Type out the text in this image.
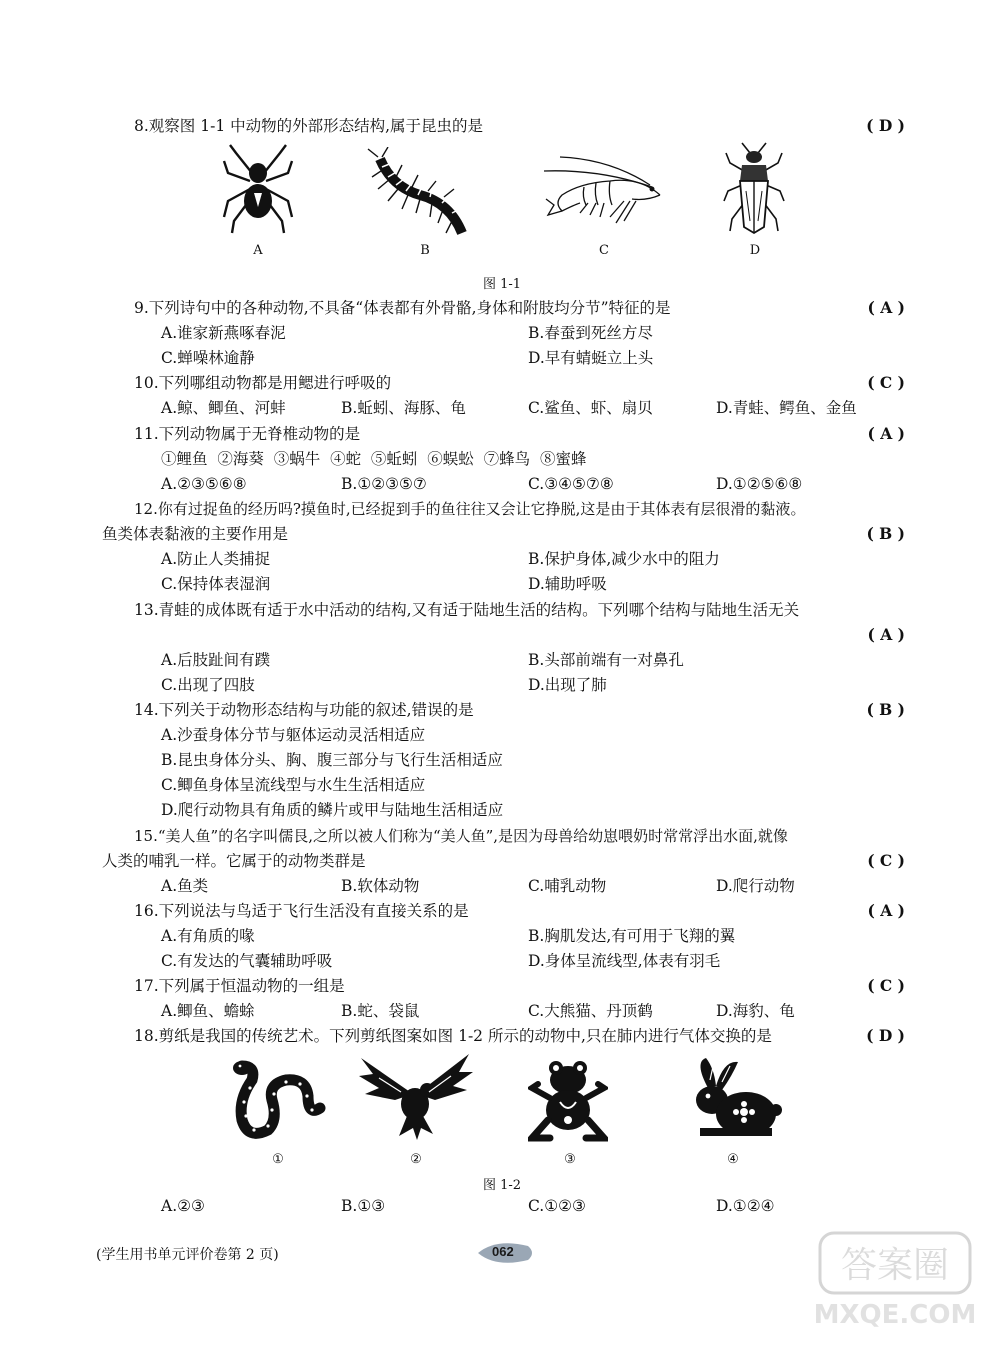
8.观察图 1-1 中动物的外部形态结构,属于昆虫的是	( D )
A	B	C	D
图 1-1
9.下列诗句中的各种动物,不具备“体表都有外骨骼,身体和附肢均分节”特征的是	( A )
A.谁家新燕啄春泥	B.春蚕到死丝方尽
C.蝉噪林逾静	D.早有蜻蜓立上头
10.下列哪组动物都是用鳃进行呼吸的	( C )
A.鲸、鲫鱼、河蚌	B.蚯蚓、海豚、龟	C.鲨鱼、虾、扇贝	D.青蛙、鳄鱼、金鱼
11.下列动物属于无脊椎动物的是	( A )
①鲤鱼  ②海葵  ③蜗牛  ④蛇  ⑤蚯蚓  ⑥蜈蚣  ⑦蜂鸟  ⑧蜜蜂
A.②③⑤⑥⑧	B.①②③⑤⑦	C.③④⑤⑦⑧	D.①②⑤⑥⑧
12.你有过捉鱼的经历吗?摸鱼时,已经捉到手的鱼往往又会让它挣脱,这是由于其体表有层很滑的黏液。
鱼类体表黏液的主要作用是	( B )
A.防止人类捕捉	B.保护身体,减少水中的阻力
C.保持体表湿润	D.辅助呼吸
13.青蛙的成体既有适于水中活动的结构,又有适于陆地生活的结构。下列哪个结构与陆地生活无关
( A )
A.后肢趾间有蹼	B.头部前端有一对鼻孔
C.出现了四肢	D.出现了肺
14.下列关于动物形态结构与功能的叙述,错误的是	( B )
A.沙蚕身体分节与躯体运动灵活相适应
B.昆虫身体分头、胸、腹三部分与飞行生活相适应
C.鲫鱼身体呈流线型与水生生活相适应
D.爬行动物具有角质的鳞片或甲与陆地生活相适应
15.“美人鱼”的名字叫儒艮,之所以被人们称为“美人鱼”,是因为母兽给幼崽喂奶时常常浮出水面,就像
人类的哺乳一样。它属于的动物类群是	( C )
A.鱼类	B.软体动物	C.哺乳动物	D.爬行动物
16.下列说法与鸟适于飞行生活没有直接关系的是	( A )
A.有角质的喙	B.胸肌发达,有可用于飞翔的翼
C.有发达的气囊辅助呼吸	D.身体呈流线型,体表有羽毛
17.下列属于恒温动物的一组是	( C )
A.鲫鱼、蟾蜍	B.蛇、袋鼠	C.大熊猫、丹顶鹤	D.海豹、龟
18.剪纸是我国的传统艺术。下列剪纸图案如图 1-2 所示的动物中,只在肺内进行气体交换的是	( D )
①	②	③	④
图 1-2
A.②③	B.①③	C.①②③	D.①②④
(学生用书单元评价卷第 2 页)	062	答案圈
MXQE.COM
